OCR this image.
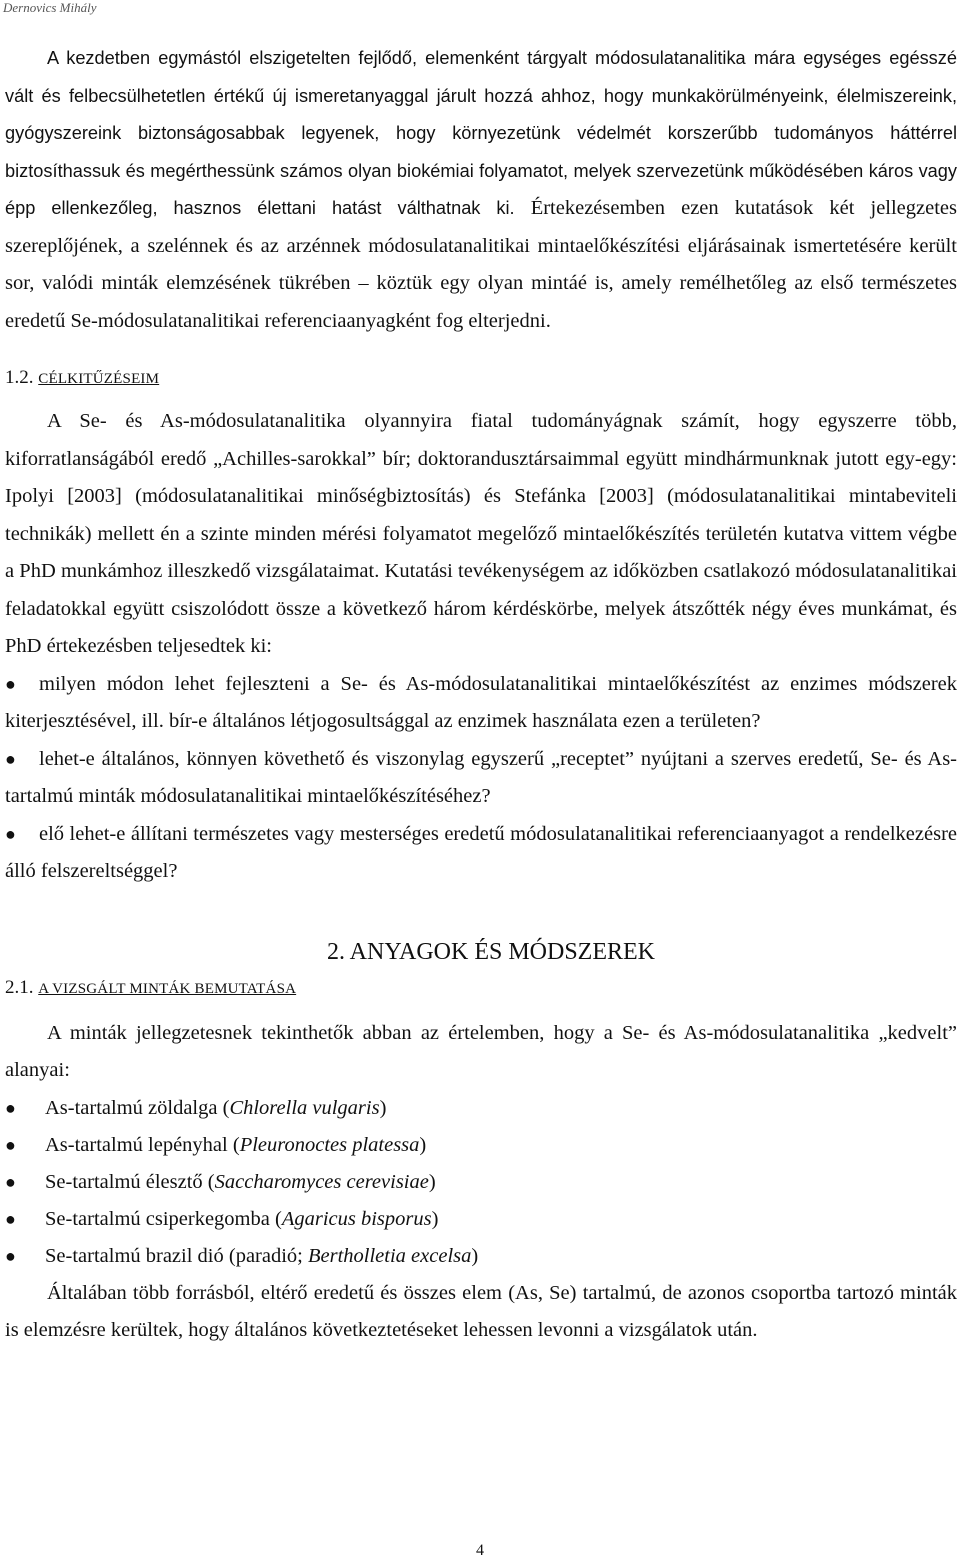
Dernovics Mihály

A kezdetben egymástól elszigetelten fejlődő, elemenként tárgyalt módosulatanalitika mára egységes egésszé vált és felbecsülhetetlen értékű új ismeretanyaggal járult hozzá ahhoz, hogy munkakörülményeink, élelmiszereink, gyógyszereink biztonságosabbak legyenek, hogy környezetünk védelmét korszerűbb tudományos háttérrel biztosíthassuk és megérthessünk számos olyan biokémiai folyamatot, melyek szervezetünk működésében káros vagy épp ellenkezőleg, hasznos élettani hatást válthatnak ki. Értekezésemben ezen kutatások két jellegzetes szereplőjének, a szelénnek és az arzénnek módosulatanalitikai mintaelőkészítési eljárásainak ismertetésére került sor, valódi minták elemzésének tükrében – köztük egy olyan mintáé is, amely remélhetőleg az első természetes eredetű Se-módosulatanalitikai referenciaanyagként fog elterjedni.

1.2. CÉLKITŰZÉSEIM

A Se- és As-módosulatanalitika olyannyira fiatal tudományágnak számít, hogy egyszerre több, kiforratlanságából eredő „Achilles-sarokkal” bír; doktorandusztársaimmal együtt mindhármunknak jutott egy-egy: Ipolyi [2003] (módosulatanalitikai minőségbiztosítás) és Stefánka [2003] (módosulatanalitikai mintabeviteli technikák) mellett én a szinte minden mérési folyamatot megelőző mintaelőkészítés területén kutatva vittem végbe a PhD munkámhoz illeszkedő vizsgálataimat. Kutatási tevékenységem az időközben csatlakozó módosulatanalitikai feladatokkal együtt csiszolódott össze a következő három kérdéskörbe, melyek átszőtték négy éves munkámat, és PhD értekezésben teljesedtek ki:

● milyen módon lehet fejleszteni a Se- és As-módosulatanalitikai mintaelőkészítést az enzimes módszerek kiterjesztésével, ill. bír-e általános létjogosultsággal az enzimek használata ezen a területen?

● lehet-e általános, könnyen követhető és viszonylag egyszerű „receptet” nyújtani a szerves eredetű, Se- és As-tartalmú minták módosulatanalitikai mintaelőkészítéséhez?

● elő lehet-e állítani természetes vagy mesterséges eredetű módosulatanalitikai referenciaanyagot a rendelkezésre álló felszereltséggel?

2. ANYAGOK ÉS MÓDSZEREK
2.1. A VIZSGÁLT MINTÁK BEMUTATÁSA

A minták jellegzetesnek tekinthetők abban az értelemben, hogy a Se- és As-módosulatanalitika „kedvelt” alanyai:

● As-tartalmú zöldalga (Chlorella vulgaris)
● As-tartalmú lepényhal (Pleuronoctes platessa)
● Se-tartalmú élesztő (Saccharomyces cerevisiae)
● Se-tartalmú csiperkegomba (Agaricus bisporus)
● Se-tartalmú brazil dió (paradió; Bertholletia excelsa)

Általában több forrásból, eltérő eredetű és összes elem (As, Se) tartalmú, de azonos csoportba tartozó minták is elemzésre kerültek, hogy általános következtetéseket lehessen levonni a vizsgálatok után.

4
